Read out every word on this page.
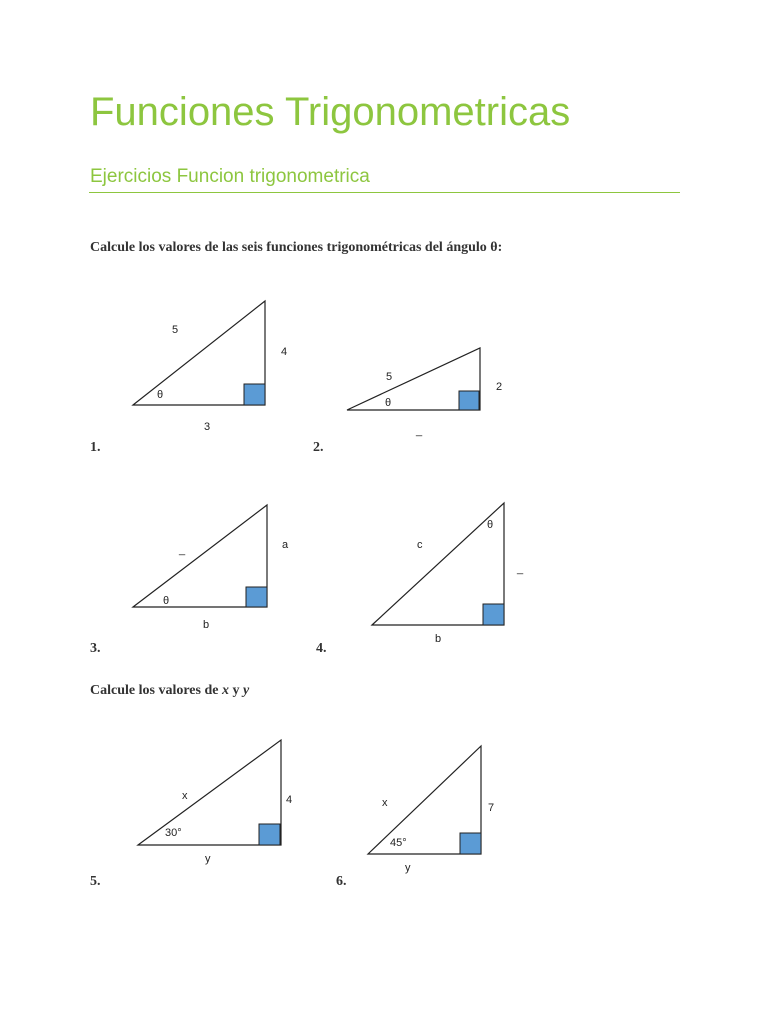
Funciones Trigonometricas
Ejercicios Funcion trigonometrica
Calcule los valores de las seis funciones trigonométricas del ángulo θ:
5
4
3
θ
5
2
_
θ
_	a
b
θ
c
_
b
θ
x	4
y
30°
x	7
y
45°
1.	2.
3.	4.
Calcule los valores de x y y
5.	6.
